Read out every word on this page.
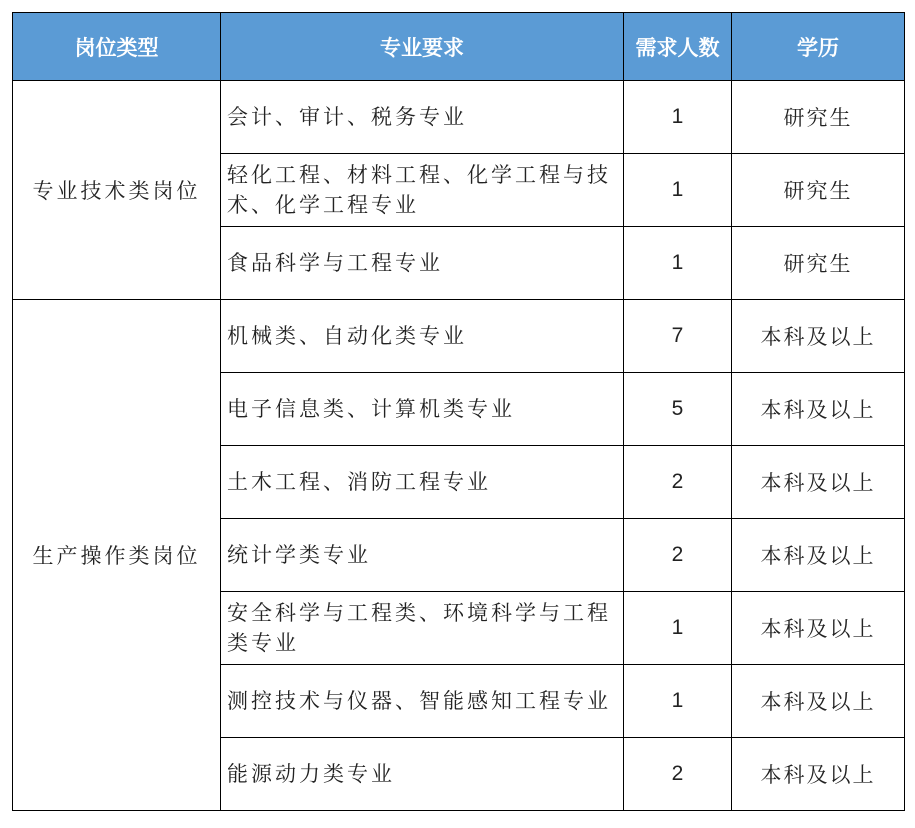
岗位类型	专业要求	需求人数	学历
专业技术类岗位	会计、审计、税务专业	1	研究生
	轻化工程、材料工程、化学工程与技术、化学工程专业	1	研究生
	食品科学与工程专业	1	研究生
生产操作类岗位	机械类、自动化类专业	7	本科及以上
	电子信息类、计算机类专业	5	本科及以上
	土木工程、消防工程专业	2	本科及以上
	统计学类专业	2	本科及以上
	安全科学与工程类、环境科学与工程类专业	1	本科及以上
	测控技术与仪器、智能感知工程专业	1	本科及以上
	能源动力类专业	2	本科及以上
